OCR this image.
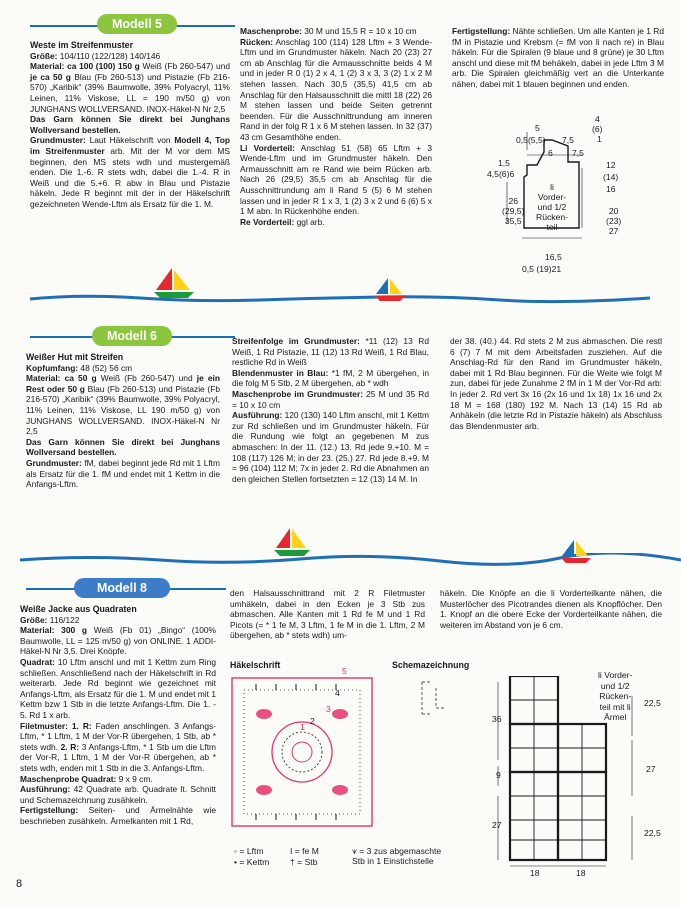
Modell 5
Weste im Streifenmuster
Größe: 104/110 (122/128) 140/146
Material: ca 100 (100) 150 g Weiß (Fb 260-547) und je ca 50 g Blau (Fb 260-513) und Pistazie (Fb 216-570) „Karibik“ (39% Baumwolle, 39% Polyacryl, 11% Leinen, 11% Viskose, LL = 190 m/50 g) von JUNGHANS WOLLVERSAND. INOX-Häkel-N Nr 2,5
Das Garn können Sie direkt bei Junghans Wollversand bestellen.
Grundmuster: Laut Häkelschrift von Modell 4, Top im Streifenmuster arb. Mit der M vor dem MS beginnen, den MS stets wdh und mustergemäß enden. Die 1.-6. R stets wdh, dabei die 1.-4. R in Weiß und die 5.+6. R abw in Blau und Pistazie häkeln. Jede R beginnt mit der in der Häkelschrift gezeichneten Wende-Lftm als Ersatz für die 1. M.

Maschenprobe: 30 M und 15,5 R = 10 x 10 cm
Rücken: Anschlag 100 (114) 128 Lftm + 3 Wende-Lftm und im Grundmuster häkeln. Nach 20 (23) 27 cm ab Anschlag für die Armausschnitte beids 4 M und in jeder R 0 (1) 2 x 4, 1 (2) 3 x 3, 3 (2) 1 x 2 M stehen lassen. Nach 30,5 (35,5) 41,5 cm ab Anschlag für den Halsausschnitt die mittl 18 (22) 26 M stehen lassen und beide Seiten getrennt beenden. Für die Ausschnittrundung am inneren Rand in der folg R 1 x 6 M stehen lassen. In 32 (37) 43 cm Gesamthöhe enden.
Li Vorderteil: Anschlag 51 (58) 65 Lftm + 3 Wende-Lftm und im Grundmuster häkeln. Den Armausschnitt am re Rand wie beim Rücken arb. Nach 26 (29,5) 35,5 cm ab Anschlag für die Ausschnittrundung am li Rand 5 (5) 6 M stehen lassen und in jeder R 1 x 3, 1 (2) 3 x 2 und 6 (6) 5 x 1 M abn. In Rückenhöhe enden.
Re Vorderteil: ggl arb.

Fertigstellung: Nähte schließen. Um alle Kanten je 1 Rd fM in Pistazie und Krebsm (= fM von li nach re) in Blau häkeln. Für die Spiralen (9 blaue und 8 grüne) je 30 Lftm anschl und diese mit fM behäkeln, dabei in jede Lftm 3 M arb. Die Spiralen gleichmäßig vert an die Unterkante nähen, dabei mit 1 blauen beginnen und enden.

5
0,5(5,5)
6
7,5
7,5
4
(6)
1
1,5
4,5(6)6
12
(14)
16
li
Vorder-
und 1/2
Rücken-
teil
26
(29,5)
35,5
20
(23)
27
16,5
0,5 (19)21
Modell 6
Weißer Hut mit Streifen
Kopfumfang: 48 (52) 56 cm
Material: ca 50 g Weiß (Fb 260-547) und je ein Rest oder 50 g Blau (Fb 260-513) und Pistazie (Fb 216-570) „Karibik“ (39% Baumwolle, 39% Polyacryl, 11% Leinen, 11% Viskose, LL 190 m/50 g) von JUNGHANS WOLLVERSAND. INOX-Häkel-N Nr 2,5
Das Garn können Sie direkt bei Junghans Wollversand bestellen.
Grundmuster: fM, dabei beginnt jede Rd mit 1 Lftm als Ersatz für die 1. fM und endet mit 1 Kettm in die Anfangs-Lftm.

Streifenfolge im Grundmuster: *11 (12) 13 Rd Weiß, 1 Rd Pistazie, 11 (12) 13 Rd Weiß, 1 Rd Blau, restliche Rd in Weiß
Blendenmuster in Blau: *1 fM, 2 M übergehen, in die folg M 5 Stb, 2 M übergehen, ab * wdh
Maschenprobe im Grundmuster: 25 M und 35 Rd = 10 x 10 cm
Ausführung: 120 (130) 140 Lftm anschl, mit 1 Kettm zur Rd schließen und im Grundmuster häkeln. Für die Rundung wie folgt an gegebenen M zus abmaschen: In der 11. (12.) 13. Rd jede 9.+10. M = 108 (117) 126 M; in der 23. (25.) 27. Rd jede 8.+9. M = 96 (104) 112 M; 7x in jeder 2. Rd die Abnahmen an den gleichen Stellen fortsetzten = 12 (13) 14 M. In

der 38. (40.) 44. Rd stets 2 M zus abmaschen. Die restl 6 (7) 7 M mit dem Arbeitsfaden zusziehen. Auf die Anschlag-Rd für den Rand im Grundmuster häkeln, dabei mit 1 Rd Blau beginnen. Für die Weite wie folgt M zun, dabei für jede Zunahme 2 fM in 1 M der Vor-Rd arb: In jeder 2. Rd vert 3x 16 (2x 16 und 1x 18) 1x 16 und 2x 18 M = 168 (180) 192 M. Nach 13 (14) 15 Rd ab Anhäkeln (die letzte Rd in Pistazie häkeln) als Abschluss das Blendenmuster arb.

Modell 8
Weiße Jacke aus Quadraten
Größe: 116/122
Material: 300 g Weiß (Fb 01) „Bingo“ (100% Baumwolle, LL = 125 m/50 g) von ONLINE. 1 ADDI-Häkel-N Nr 3,5. Drei Knöpfe.
Quadrat: 10 Lftm anschl und mit 1 Kettm zum Ring schließen. Anschließend nach der Häkelschrift in Rd weiterarb. Jede Rd beginnt wie gezeichnet mit Anfangs-Lftm, als Ersatz für die 1. M und endet mit 1 Kettm bzw 1 Stb in die letzte Anfangs-Lftm. Die 1. - 5. Rd 1 x arb.
Filetmuster: 1. R: Faden anschlingen. 3 Anfangs-Lftm, * 1 Lftm, 1 M der Vor-R übergehen, 1 Stb, ab * stets wdh. 2. R: 3 Anfangs-Lftm, * 1 Stb um die Lftm der Vor-R, 1 Lftm, 1 M der Vor-R übergehen, ab * stets wdh, enden mit 1 Stb in die 3. Anfangs-Lftm.
Maschenprobe Quadrat: 9 x 9 cm.
Ausführung: 42 Quadrate arb. Quadrate lt. Schnitt und Schemazeichnung zusähkeln.
Fertigstellung: Seiten- und Ärmelnähte wie beschrieben zusähkeln. Ärmelkanten mit 1 Rd,

den Halsausschnittrand mit 2 R Filetmuster umhäkeln, dabei in den Ecken je 3 Stb zus abmaschen. Alle Kanten mit 1 Rd fe M und 1 Rd Picots (= * 1 fe M, 3 Lftm, 1 fe M in die 1. Lftm, 2 M übergehen, ab * stets wdh) um-

häkeln. Die Knöpfe an die li Vorderteilkante nähen, die Musterlöcher des Picotrandes dienen als Knopflöcher. Den 1. Knopf an die obere Ecke der Vorderteilkante nähen, die weiteren im Abstand von je 6 cm.

Häkelschrift	Schemazeichnung
5
4
3
2
1
◦ = Lftm
• = Kettm
I = fe M
† = Stb
⩛ = 3 zus abgemaschte
Stb in 1 Einstichstelle
li Vorder-
und 1/2
Rücken-
teil mit li
Ärmel
36
9
27
22,5
27
22,5
18	18
8
